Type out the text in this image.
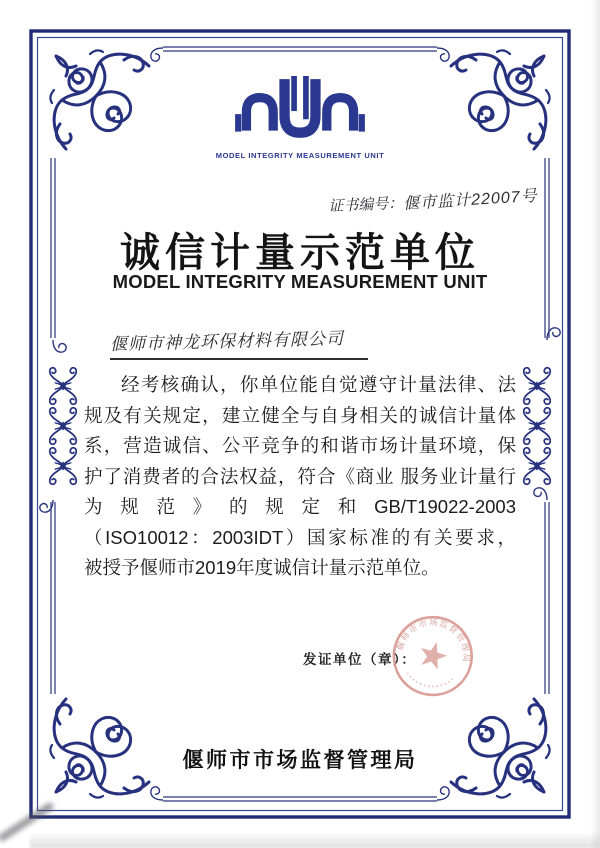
MODEL INTEGRITY MEASUREMENT UNIT
证书编号：偃市监计22007号
诚信计量示范单位
MODEL INTEGRITY MEASUREMENT UNIT
偃师市神龙环保材料有限公司
经考核确认，你单位能自觉遵守计量法律、法
规及有关规定，建立健全与自身相关的诚信计量体
系，营造诚信、公平竞争的和谐市场计量环境，保
护了消费者的合法权益，符合《商业 服务业计量行
为规范》的规定和GB/T19022-2003
（ISO10012：2003IDT）国家标准的有关要求，
被授予偃师市2019年度诚信计量示范单位。
发证单位（章）：
偃师市市场监督管理局
偃师市市场监督管理局
